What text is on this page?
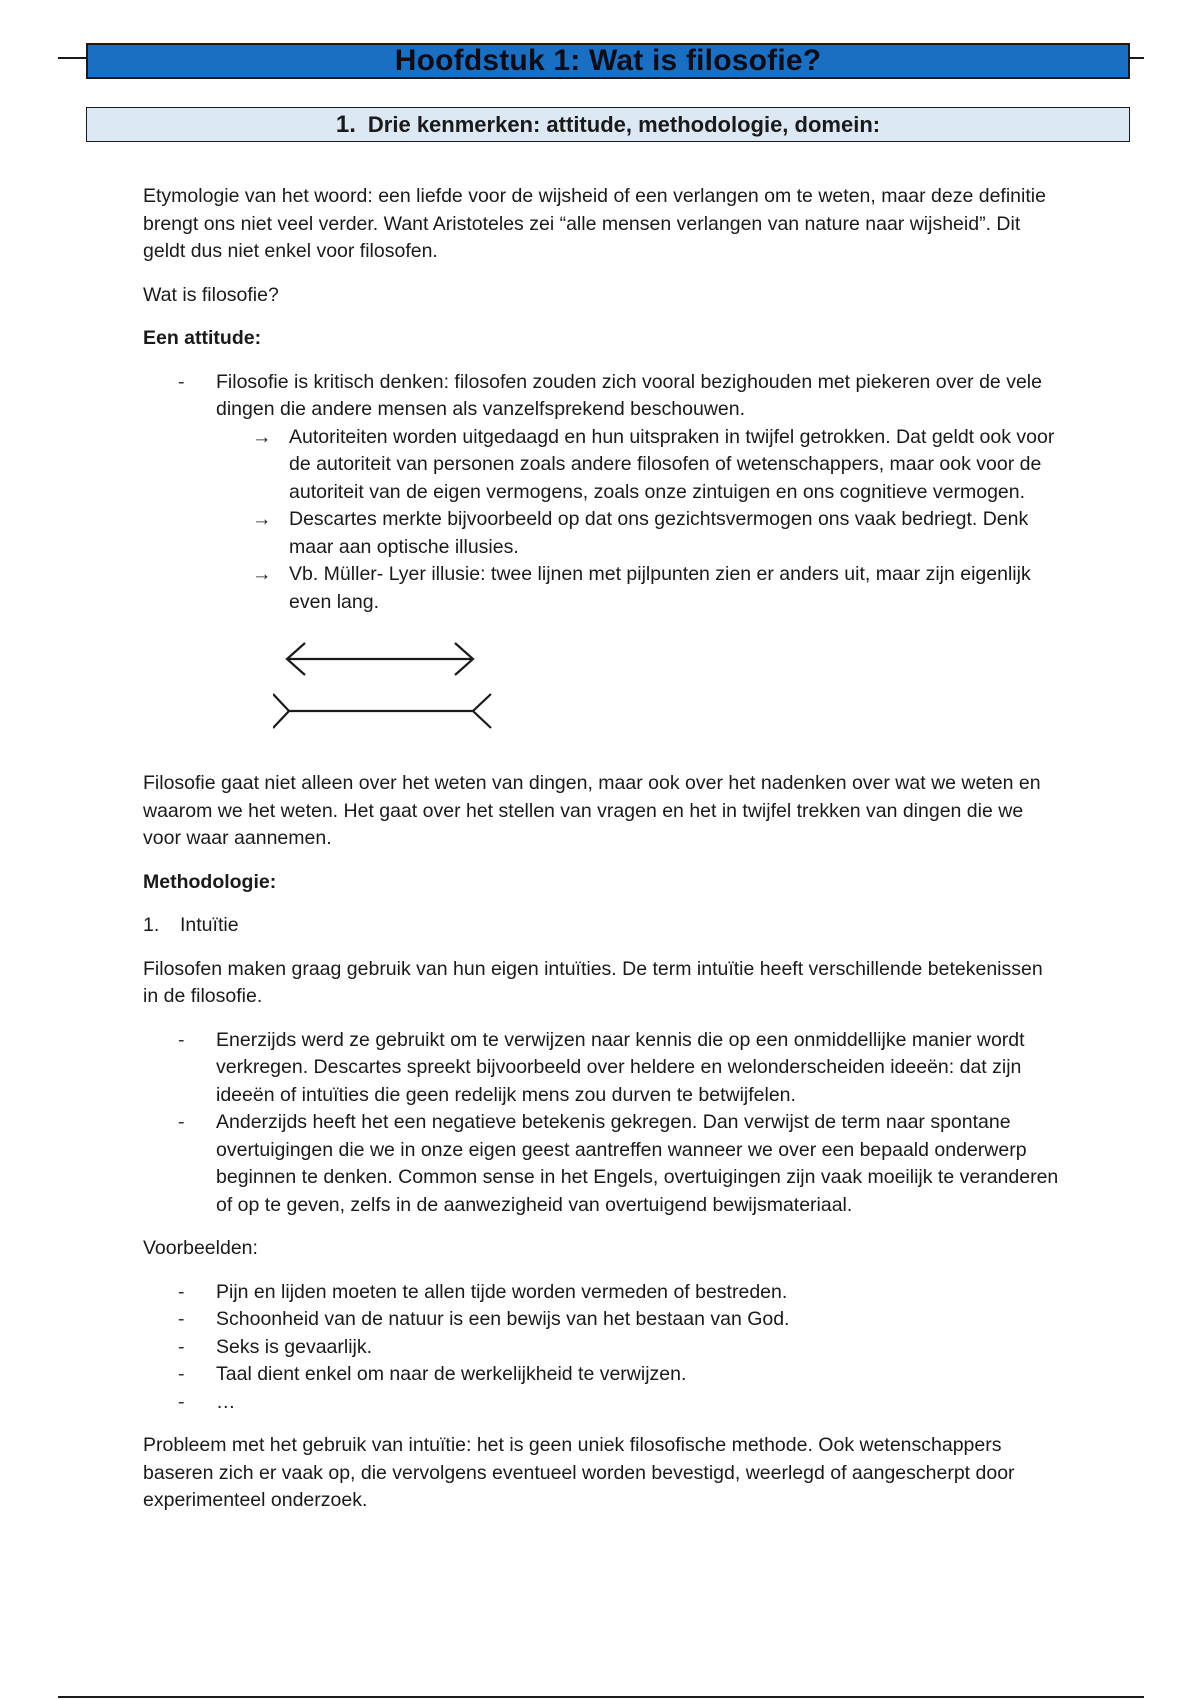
Hoofdstuk 1: Wat is filosofie?
1. Drie kenmerken: attitude, methodologie, domein:

Etymologie van het woord: een liefde voor de wijsheid of een verlangen om te weten, maar deze definitie brengt ons niet veel verder. Want Aristoteles zei “alle mensen verlangen van nature naar wijsheid”. Dit geldt dus niet enkel voor filosofen.

Wat is filosofie?

Een attitude:

-	Filosofie is kritisch denken: filosofen zouden zich vooral bezighouden met piekeren over de vele dingen die andere mensen als vanzelfsprekend beschouwen.
→ Autoriteiten worden uitgedaagd en hun uitspraken in twijfel getrokken. Dat geldt ook voor de autoriteit van personen zoals andere filosofen of wetenschappers, maar ook voor de autoriteit van de eigen vermogens, zoals onze zintuigen en ons cognitieve vermogen.
→ Descartes merkte bijvoorbeeld op dat ons gezichtsvermogen ons vaak bedriegt. Denk maar aan optische illusies.
→ Vb. Müller- Lyer illusie: twee lijnen met pijlpunten zien er anders uit, maar zijn eigenlijk even lang.

Filosofie gaat niet alleen over het weten van dingen, maar ook over het nadenken over wat we weten en waarom we het weten. Het gaat over het stellen van vragen en het in twijfel trekken van dingen die we voor waar aannemen.

Methodologie:

1.	Intuïtie

Filosofen maken graag gebruik van hun eigen intuïties. De term intuïtie heeft verschillende betekenissen in de filosofie.

-	Enerzijds werd ze gebruikt om te verwijzen naar kennis die op een onmiddellijke manier wordt verkregen. Descartes spreekt bijvoorbeeld over heldere en welonderscheiden ideeën: dat zijn ideeën of intuïties die geen redelijk mens zou durven te betwijfelen.
-	Anderzijds heeft het een negatieve betekenis gekregen. Dan verwijst de term naar spontane overtuigingen die we in onze eigen geest aantreffen wanneer we over een bepaald onderwerp beginnen te denken. Common sense in het Engels, overtuigingen zijn vaak moeilijk te veranderen of op te geven, zelfs in de aanwezigheid van overtuigend bewijsmateriaal.

Voorbeelden:

-	Pijn en lijden moeten te allen tijde worden vermeden of bestreden.
-	Schoonheid van de natuur is een bewijs van het bestaan van God.
-	Seks is gevaarlijk.
-	Taal dient enkel om naar de werkelijkheid te verwijzen.
-	…

Probleem met het gebruik van intuïtie: het is geen uniek filosofische methode. Ook wetenschappers baseren zich er vaak op, die vervolgens eventueel worden bevestigd, weerlegd of aangescherpt door experimenteel onderzoek.
